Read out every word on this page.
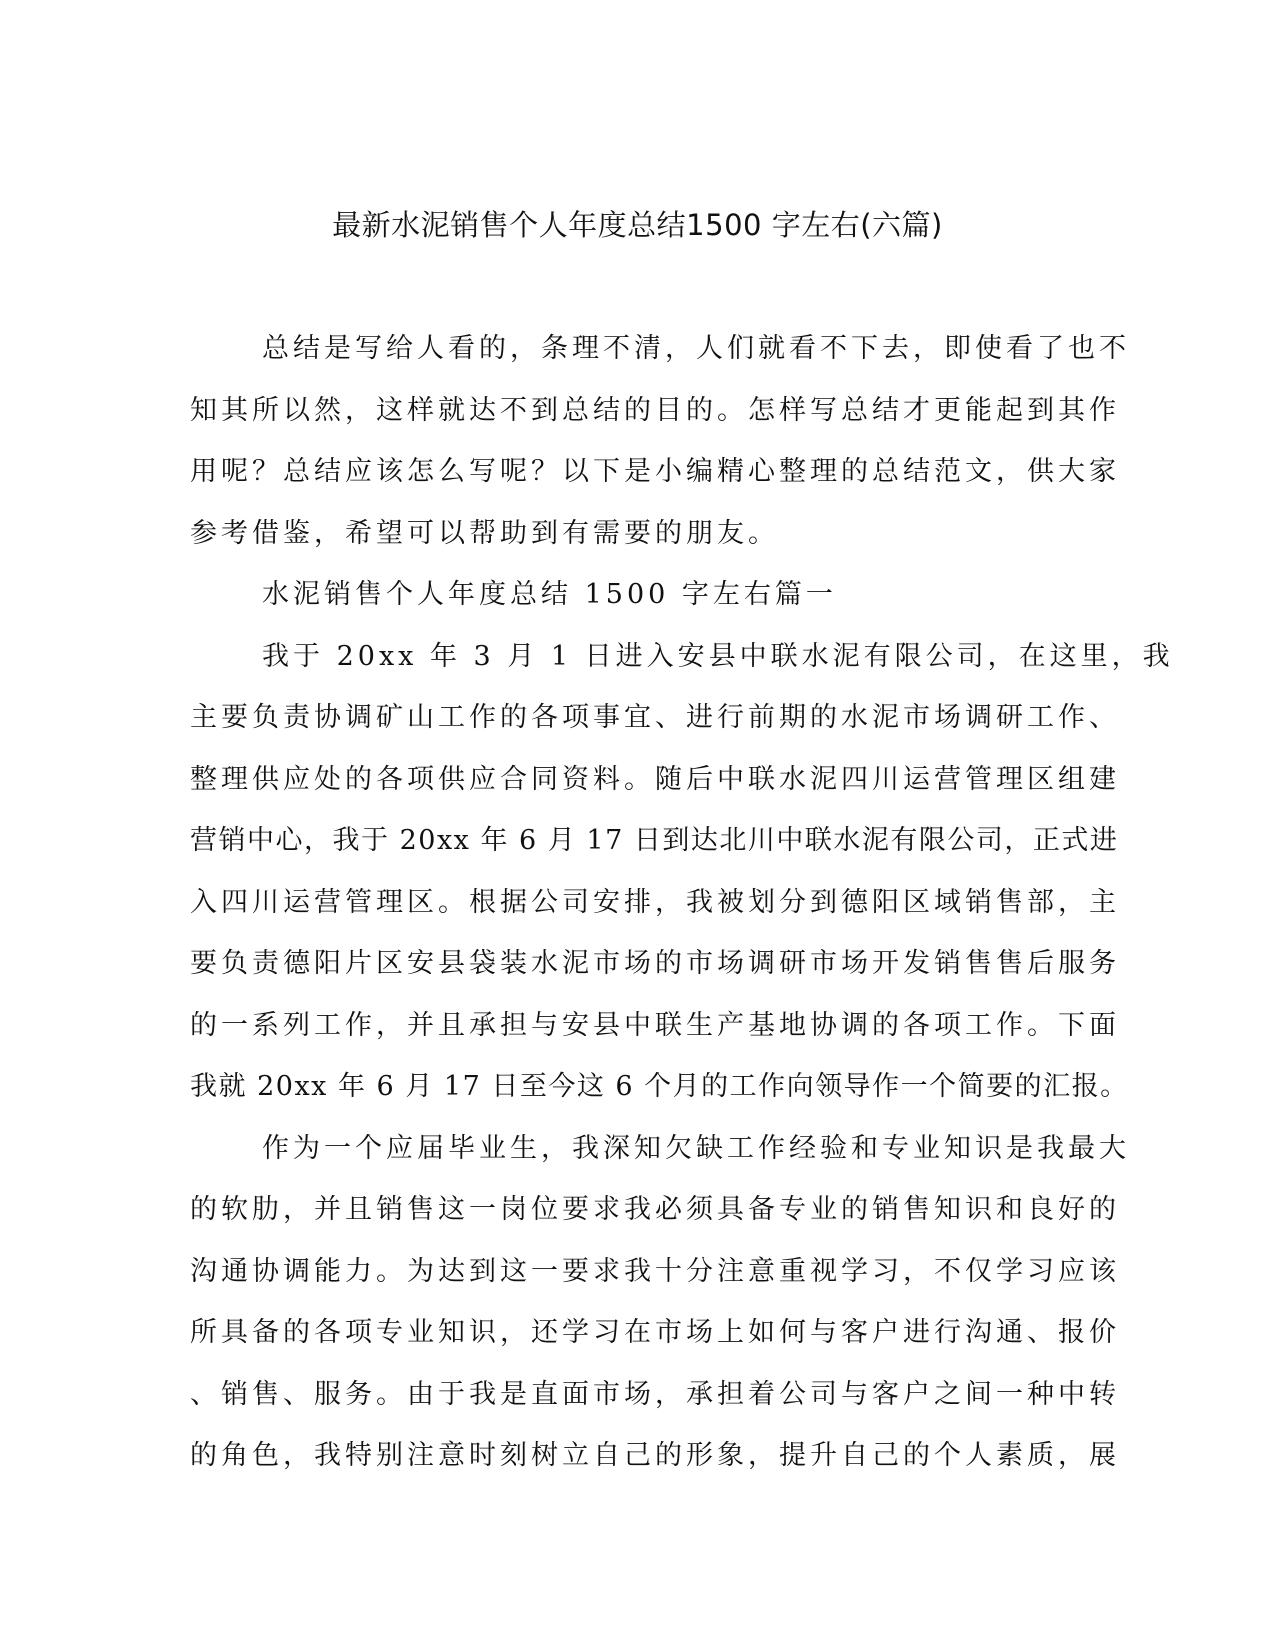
最新水泥销售个人年度总结1500 字左右(六篇)
总结是写给人看的，条理不清，人们就看不下去，即使看了也不
知其所以然，这样就达不到总结的目的。怎样写总结才更能起到其作
用呢？总结应该怎么写呢？以下是小编精心整理的总结范文，供大家
参考借鉴，希望可以帮助到有需要的朋友。
水泥销售个人年度总结 1500 字左右篇一
我于 20xx 年 3 月 1 日进入安县中联水泥有限公司，在这里，我
主要负责协调矿山工作的各项事宜、进行前期的水泥市场调研工作、
整理供应处的各项供应合同资料。随后中联水泥四川运营管理区组建
营销中心，我于 20xx 年 6 月 17 日到达北川中联水泥有限公司，正式进
入四川运营管理区。根据公司安排，我被划分到德阳区域销售部，主
要负责德阳片区安县袋装水泥市场的市场调研市场开发销售售后服务
的一系列工作，并且承担与安县中联生产基地协调的各项工作。下面
我就 20xx 年 6 月 17 日至今这 6 个月的工作向领导作一个简要的汇报。
作为一个应届毕业生，我深知欠缺工作经验和专业知识是我最大
的软肋，并且销售这一岗位要求我必须具备专业的销售知识和良好的
沟通协调能力。为达到这一要求我十分注意重视学习，不仅学习应该
所具备的各项专业知识，还学习在市场上如何与客户进行沟通、报价
、销售、服务。由于我是直面市场，承担着公司与客户之间一种中转
的角色，我特别注意时刻树立自己的形象，提升自己的个人素质，展
